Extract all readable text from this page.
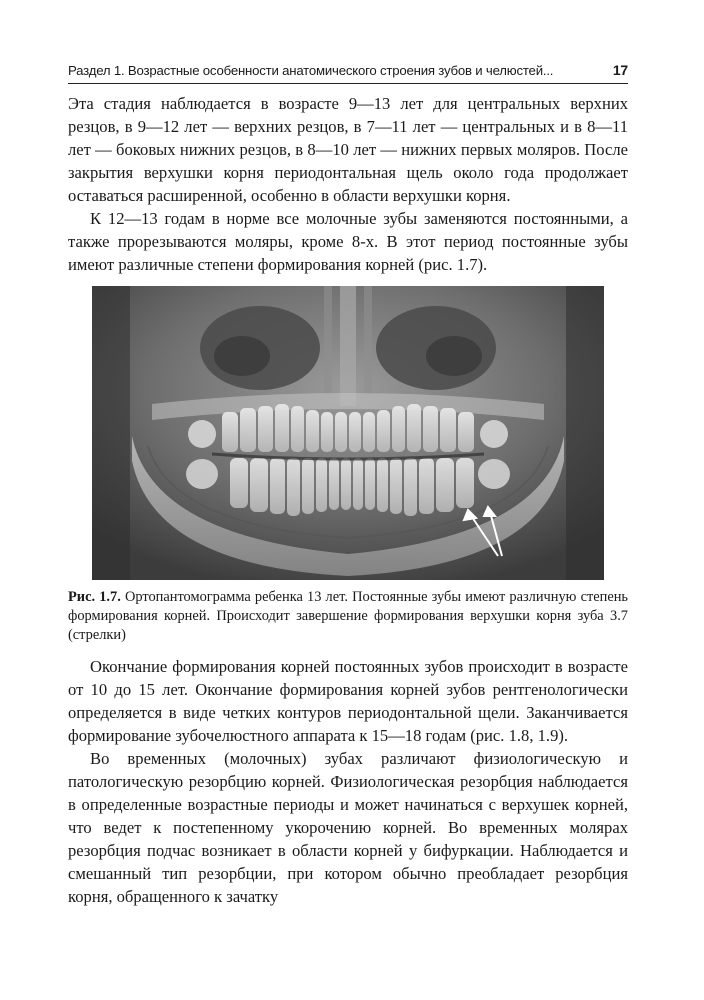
Раздел 1. Возрастные особенности анатомического строения зубов и челюстей...	17

Эта стадия наблюдается в возрасте 9—13 лет для центральных верхних резцов, в 9—12 лет — верхних резцов, в 7—11 лет — центральных и в 8—11 лет — боковых нижних резцов, в 8—10 лет — нижних первых моляров. После закрытия верхушки корня периодонтальная щель около года продолжает оставаться расширенной, особенно в области верхушки корня.

К 12—13 годам в норме все молочные зубы заменяются постоянными, а также прорезываются моляры, кроме 8-х. В этот период постоянные зубы имеют различные степени формирования корней (рис. 1.7).

Рис. 1.7. Ортопантомограмма ребенка 13 лет. Постоянные зубы имеют различную степень формирования корней. Происходит завершение формирования верхушки корня зуба 3.7 (стрелки)

Окончание формирования корней постоянных зубов происходит в возрасте от 10 до 15 лет. Окончание формирования корней зубов рентгенологически определяется в виде четких контуров периодонтальной щели. Заканчивается формирование зубочелюстного аппарата к 15—18 годам (рис. 1.8, 1.9).

Во временных (молочных) зубах различают физиологическую и патологическую резорбцию корней. Физиологическая резорбция наблюдается в определенные возрастные периоды и может начинаться с верхушек корней, что ведет к постепенному укорочению корней. Во временных молярах резорбция подчас возникает в области корней у бифуркации. Наблюдается и смешанный тип резорбции, при котором обычно преобладает резорбция корня, обращенного к зачатку
